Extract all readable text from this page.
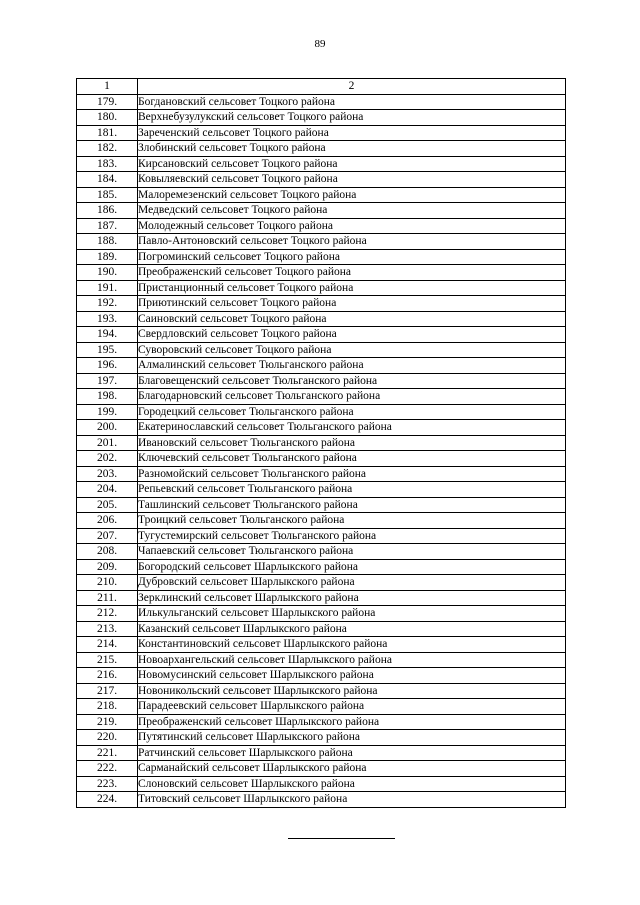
89
1	2
179.	Богдановский сельсовет Тоцкого района
180.	Верхнебузулукский сельсовет Тоцкого района
181.	Зареченский сельсовет Тоцкого района
182.	Злобинский сельсовет Тоцкого района
183.	Кирсановский сельсовет Тоцкого района
184.	Ковыляевский сельсовет Тоцкого района
185.	Малоремезенский сельсовет Тоцкого района
186.	Медведский сельсовет Тоцкого района
187.	Молодежный сельсовет Тоцкого района
188.	Павло-Антоновский сельсовет Тоцкого района
189.	Погроминский сельсовет Тоцкого района
190.	Преображенский сельсовет Тоцкого района
191.	Пристанционный сельсовет Тоцкого района
192.	Приютинский сельсовет Тоцкого района
193.	Саиновский сельсовет Тоцкого района
194.	Свердловский сельсовет Тоцкого района
195.	Суворовский сельсовет Тоцкого района
196.	Алмалинский сельсовет Тюльганского района
197.	Благовещенский сельсовет Тюльганского района
198.	Благодарновский сельсовет Тюльганского района
199.	Городецкий сельсовет Тюльганского района
200.	Екатеринославский сельсовет Тюльганского района
201.	Ивановский сельсовет Тюльганского района
202.	Ключевский сельсовет Тюльганского района
203.	Разномойский сельсовет Тюльганского района
204.	Репьевский сельсовет Тюльганского района
205.	Ташлинский сельсовет Тюльганского района
206.	Троицкий сельсовет Тюльганского района
207.	Тугустемирский сельсовет Тюльганского района
208.	Чапаевский сельсовет Тюльганского района
209.	Богородский сельсовет Шарлыкского района
210.	Дубровский сельсовет Шарлыкского района
211.	Зерклинский сельсовет Шарлыкского района
212.	Илькульганский сельсовет Шарлыкского района
213.	Казанский сельсовет Шарлыкского района
214.	Константиновский сельсовет Шарлыкского района
215.	Новоархангельский сельсовет Шарлыкского района
216.	Новомусинский сельсовет Шарлыкского района
217.	Новоникольский сельсовет Шарлыкского района
218.	Парадеевский сельсовет Шарлыкского района
219.	Преображенский сельсовет Шарлыкского района
220.	Путятинский сельсовет Шарлыкского района
221.	Ратчинский сельсовет Шарлыкского района
222.	Сарманайский сельсовет Шарлыкского района
223.	Слоновский сельсовет Шарлыкского района
224.	Титовский сельсовет Шарлыкского района
